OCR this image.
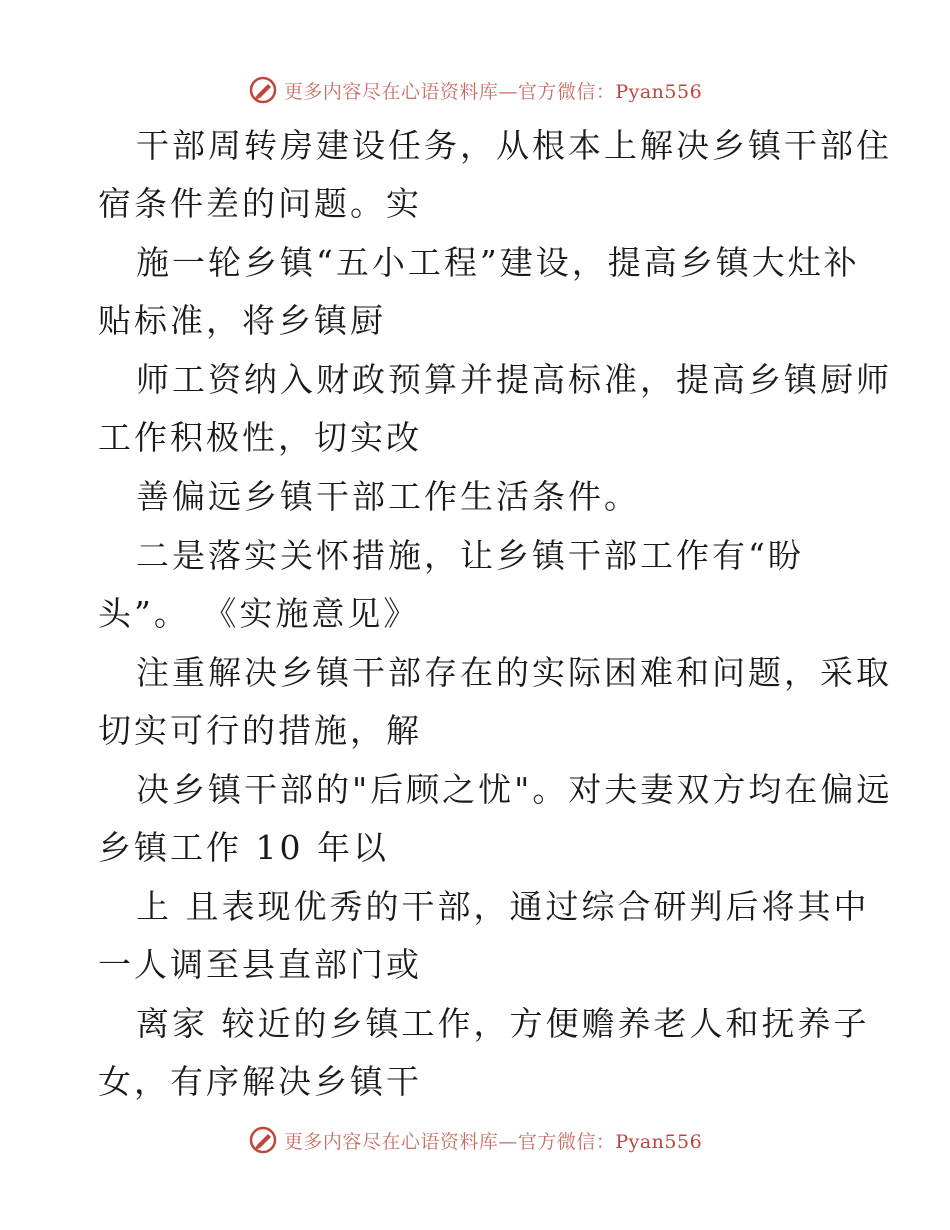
更多内容尽在心语资料库—官方微信：Pyan556
干部周转房建设任务，从根本上解决乡镇干部住
宿条件差的问题。实
施一轮乡镇“五小工程”建设，提高乡镇大灶补
贴标准，将乡镇厨
师工资纳入财政预算并提高标准，提高乡镇厨师
工作积极性，切实改
善偏远乡镇干部工作生活条件。
二是落实关怀措施，让乡镇干部工作有“盼
头”。 《实施意见》
注重解决乡镇干部存在的实际困难和问题，采取
切实可行的措施，解
决乡镇干部的"后顾之忧"。对夫妻双方均在偏远
乡镇工作 10 年以
上 且表现优秀的干部，通过综合研判后将其中
一人调至县直部门或
离家 较近的乡镇工作，方便赡养老人和抚养子
女，有序解决乡镇干
更多内容尽在心语资料库—官方微信：Pyan556
